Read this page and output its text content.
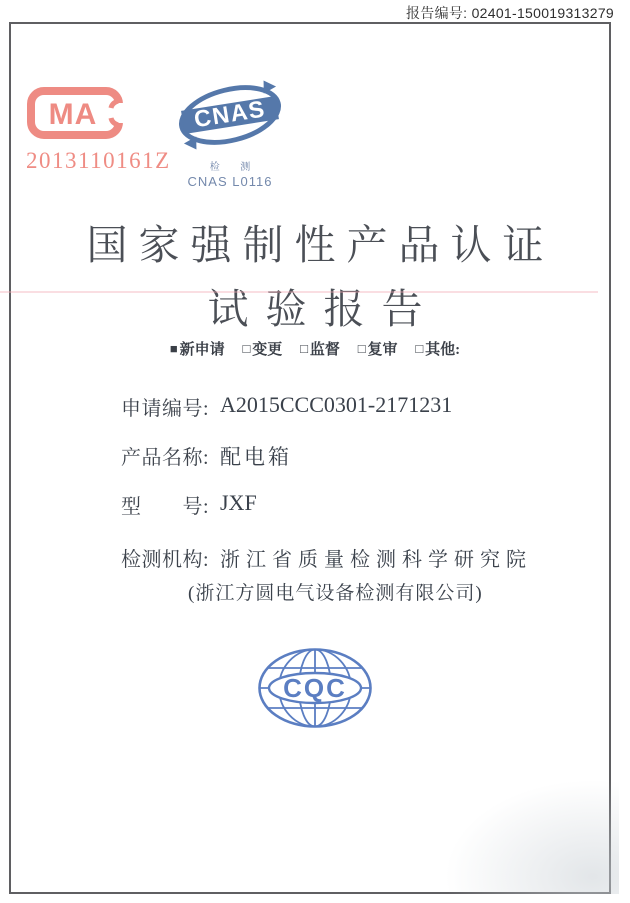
报告编号: 02401-150019313279
MA
2013110161Z
CNAS
检 测
CNAS L0116
国家强制性产品认证
试验报告
■ 新申请 □ 变更 □ 监督 □ 复审 □ 其他:
申请编号: A2015CCC0301-2171231
产品名称: 配电箱
型　　号: JXF
检测机构: 浙江省质量检测科学研究院
(浙江方圆电气设备检测有限公司)
CQC
